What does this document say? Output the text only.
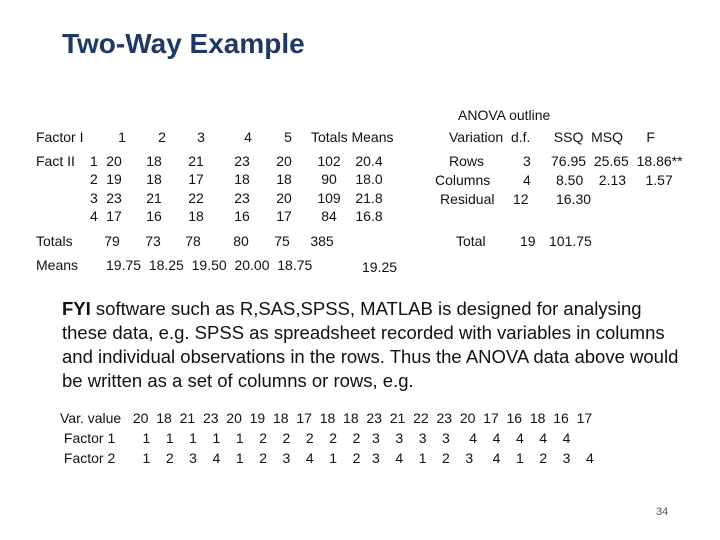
Two-Way Example
Factor I	1	2	3	4	5	Totals Means
Fact II 1 20	18	21	23	20	102	20.4
2 19	18	17	18	18	90	18.0
3 23	21	22	23	20	109	21.8
4 17	16	18	16	17	84	16.8
Totals	79	73	78	80	75	385
Means 19.75  18.25  19.50  20.00  18.75	19.25
ANOVA outline
Variation  d.f.      SSQ  MSQ      F
Rows	3 76.95  25.65  18.86**
Columns 4 8.50    2.13     1.57
Residual 12 16.30
Total 19 101.75
FYI software such as R,SAS,SPSS, MATLAB is designed for analysing these data, e.g. SPSS as spreadsheet recorded with variables in columns and individual observations in the rows. Thus the ANOVA data above would be written as a set of columns or rows, e.g.
Var. value   20  18  21  23  20  19  18  17  18  18  23  21  22  23  20  17  16  18  16  17
Factor 1       1    1    1    1    1    2    2    2    2    2   3    3    3    3     4    4    4    4    4
Factor 2       1    2    3    4    1    2    3    4    1    2   3    4    1    2    3     4    1    2    3    4
34
